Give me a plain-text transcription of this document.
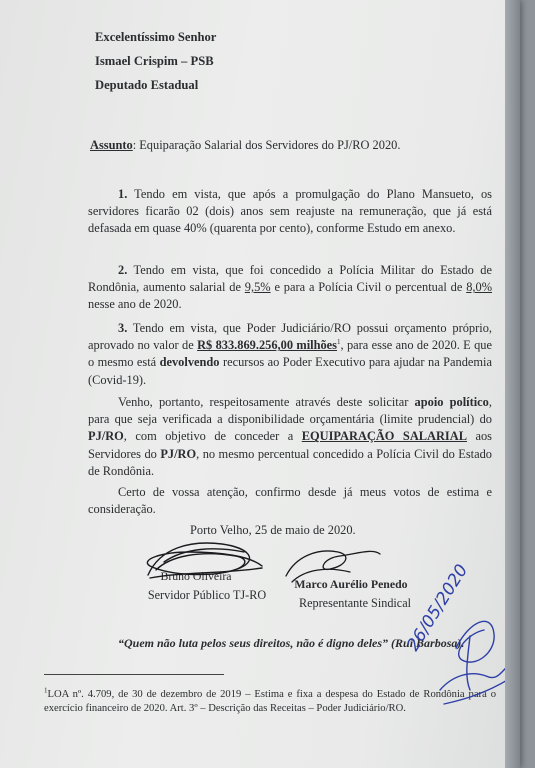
Excelentíssimo Senhor
Ismael Crispim – PSB
Deputado Estadual
Assunto: Equiparação Salarial dos Servidores do PJ/RO 2020.
1. Tendo em vista, que após a promulgação do Plano Mansueto, os servidores ficarão 02 (dois) anos sem reajuste na remuneração, que já está defasada em quase 40% (quarenta por cento), conforme Estudo em anexo.
2. Tendo em vista, que foi concedido a Polícia Militar do Estado de Rondônia, aumento salarial de 9,5% e para a Polícia Civil o percentual de 8,0% nesse ano de 2020.
3. Tendo em vista, que Poder Judiciário/RO possui orçamento próprio, aprovado no valor de R$ 833.869.256,00 milhões$^1$, para esse ano de 2020. E que o mesmo está devolvendo recursos ao Poder Executivo para ajudar na Pandemia (Covid-19).
Venho, portanto, respeitosamente através deste solicitar apoio político, para que seja verificada a disponibilidade orçamentária (limite prudencial) do PJ/RO, com objetivo de conceder a EQUIPARAÇÃO SALARIAL aos Servidores do PJ/RO, no mesmo percentual concedido a Polícia Civil do Estado de Rondônia.
Certo de vossa atenção, confirmo desde já meus votos de estima e consideração.
Porto Velho, 25 de maio de 2020.
Bruno Oliveira
Servidor Público TJ-RO
Marco Aurélio Penedo
Representante Sindical
“Quem não luta pelos seus direitos, não é digno deles” (Rui Barbosa).
$^1$LOA nº. 4.709, de 30 de dezembro de 2019 – Estima e fixa a despesa do Estado de Rondônia para o exercício financeiro de 2020. Art. 3º – Descrição das Receitas – Poder Judiciário/RO.
26/05/2020
